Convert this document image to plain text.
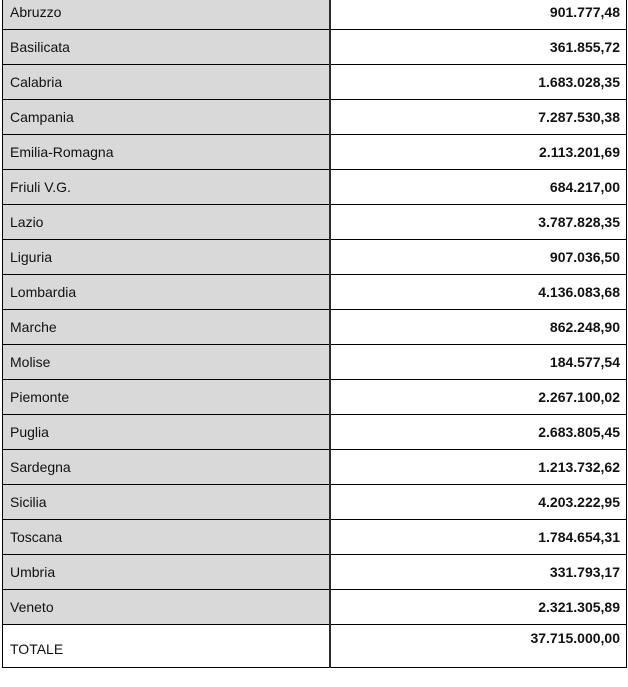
Abruzzo	901.777,48
Basilicata	361.855,72
Calabria	1.683.028,35
Campania	7.287.530,38
Emilia-Romagna	2.113.201,69
Friuli V.G.	684.217,00
Lazio	3.787.828,35
Liguria	907.036,50
Lombardia	4.136.083,68
Marche	862.248,90
Molise	184.577,54
Piemonte	2.267.100,02
Puglia	2.683.805,45
Sardegna	1.213.732,62
Sicilia	4.203.222,95
Toscana	1.784.654,31
Umbria	331.793,17
Veneto	2.321.305,89
TOTALE	37.715.000,00
